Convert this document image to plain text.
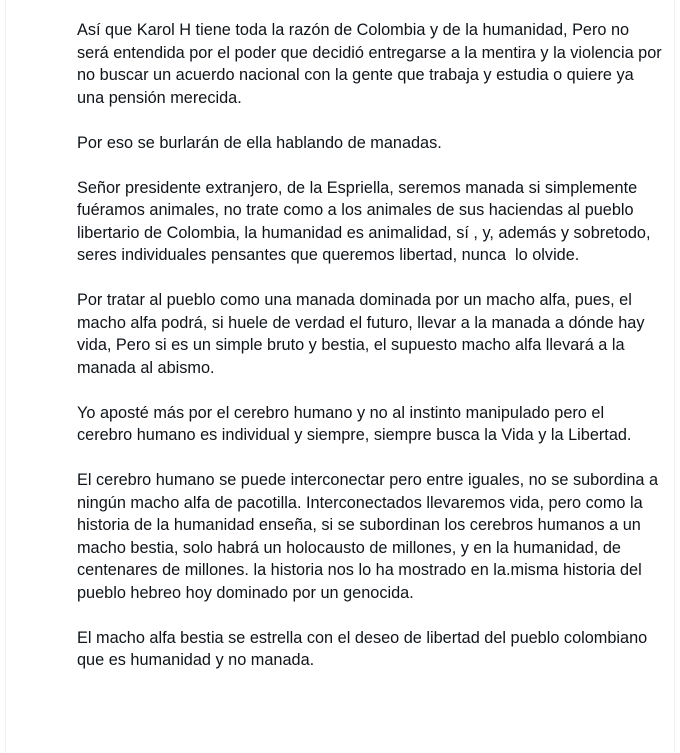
Así que Karol H tiene toda la razón de Colombia y de la humanidad, Pero no será entendida por el poder que decidió entregarse a la mentira y la violencia por no buscar un acuerdo nacional con la gente que trabaja y estudia o quiere ya una pensión merecida.

Por eso se burlarán de ella hablando de manadas.

Señor presidente extranjero, de la Espriella, seremos manada si simplemente fuéramos animales, no trate como a los animales de sus haciendas al pueblo libertario de Colombia, la humanidad es animalidad, sí , y, además y sobretodo, seres individuales pensantes que queremos libertad, nunca  lo olvide.

Por tratar al pueblo como una manada dominada por un macho alfa, pues, el macho alfa podrá, si huele de verdad el futuro, llevar a la manada a dónde hay vida, Pero si es un simple bruto y bestia, el supuesto macho alfa llevará a la manada al abismo.

Yo aposté más por el cerebro humano y no al instinto manipulado pero el cerebro humano es individual y siempre, siempre busca la Vida y la Libertad.

El cerebro humano se puede interconectar pero entre iguales, no se subordina a ningún macho alfa de pacotilla. Interconectados llevaremos vida, pero como la historia de la humanidad enseña, si se subordinan los cerebros humanos a un macho bestia, solo habrá un holocausto de millones, y en la humanidad, de centenares de millones. la historia nos lo ha mostrado en la.misma historia del pueblo hebreo hoy dominado por un genocida.

El macho alfa bestia se estrella con el deseo de libertad del pueblo colombiano que es humanidad y no manada.
